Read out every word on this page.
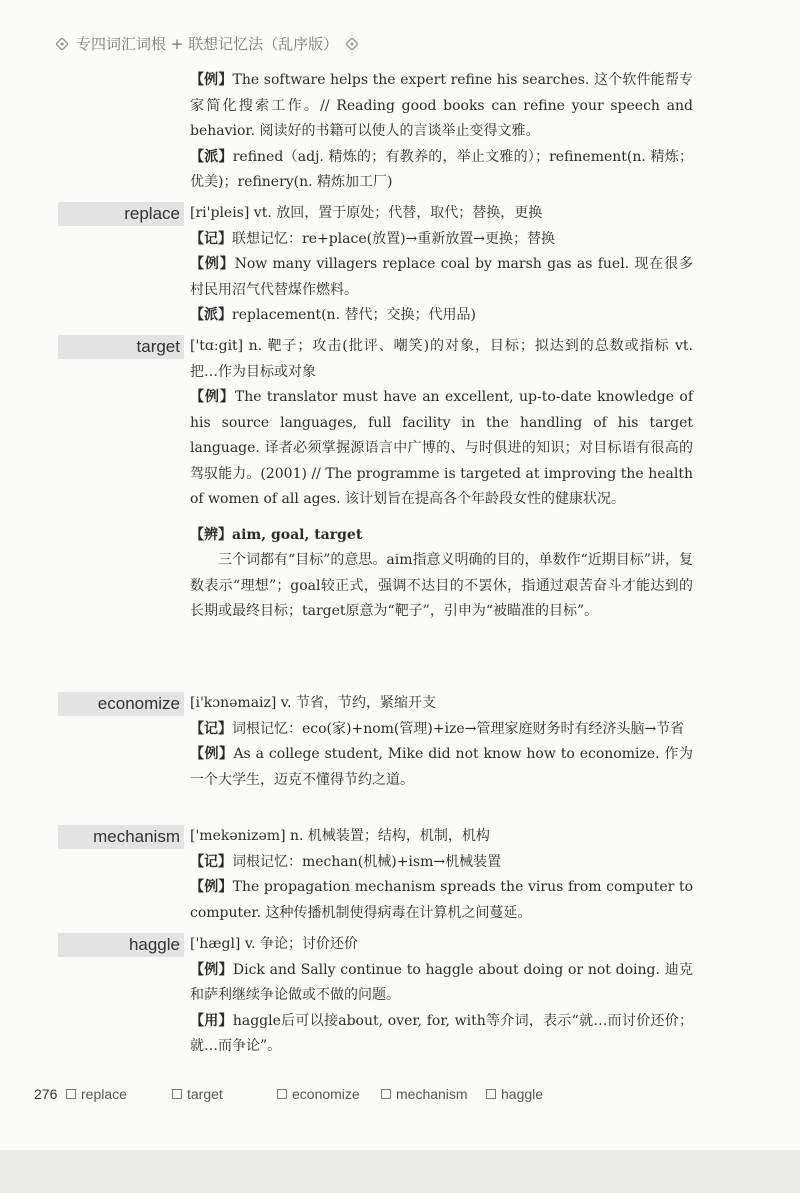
专四词汇词根 + 联想记忆法（乱序版）

【例】The software helps the expert refine his searches. 这个软件能帮专家简化搜索工作。// Reading good books can refine your speech and behavior. 阅读好的书籍可以使人的言谈举止变得文雅。

【派】refined（adj. 精炼的；有教养的，举止文雅的）；refinement(n. 精炼；优美)；refinery(n. 精炼加工厂)

replace [ri'pleis] vt. 放回，置于原处；代替，取代；替换，更换

【记】联想记忆：re+place(放置)→重新放置→更换；替换

【例】Now many villagers replace coal by marsh gas as fuel. 现在很多村民用沼气代替煤作燃料。

【派】replacement(n. 替代；交换；代用品)

target ['tɑːgit] n. 靶子；攻击(批评、嘲笑)的对象，目标；拟达到的总数或指标 vt. 把…作为目标或对象

【例】The translator must have an excellent, up-to-date knowledge of his source languages, full facility in the handling of his target language. 译者必须掌握源语言中广博的、与时俱进的知识；对目标语有很高的驾驭能力。(2001) // The programme is targeted at improving the health of women of all ages. 该计划旨在提高各个年龄段女性的健康状况。

【辨】aim, goal, target

三个词都有“目标”的意思。aim指意义明确的目的，单数作“近期目标”讲，复数表示“理想”；goal较正式，强调不达目的不罢休，指通过艰苦奋斗才能达到的长期或最终目标；target原意为“靶子”，引申为“被瞄准的目标”。

economize [i'kɔnəmaiz] v. 节省，节约，紧缩开支

【记】词根记忆：eco(家)+nom(管理)+ize→管理家庭财务时有经济头脑→节省

【例】As a college student, Mike did not know how to economize. 作为一个大学生，迈克不懂得节约之道。

mechanism ['mekənizəm] n. 机械装置；结构，机制，机构

【记】词根记忆：mechan(机械)+ism→机械装置

【例】The propagation mechanism spreads the virus from computer to computer. 这种传播机制使得病毒在计算机之间蔓延。

haggle ['hægl] v. 争论；讨价还价

【例】Dick and Sally continue to haggle about doing or not doing. 迪克和萨利继续争论做或不做的问题。

【用】haggle后可以接about, over, for, with等介词，表示“就…而讨价还价；就…而争论”。

276	replace	target	economize	mechanism	haggle
